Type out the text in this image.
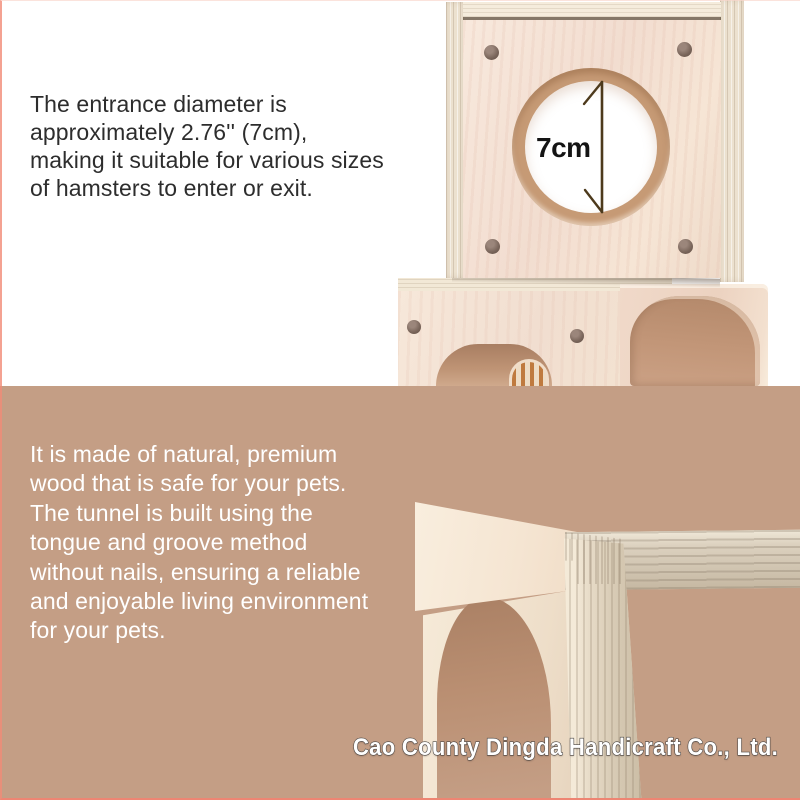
The entrance diameter is
approximately 2.76'' (7cm),
making it suitable for various sizes
of hamsters to enter or exit.
It is made of natural, premium
wood that is safe for your pets.
The tunnel is built using the
tongue and groove method
without nails, ensuring a reliable
and enjoyable living environment
for your pets.
7cm
Cao County Dingda Handicraft Co., Ltd.
